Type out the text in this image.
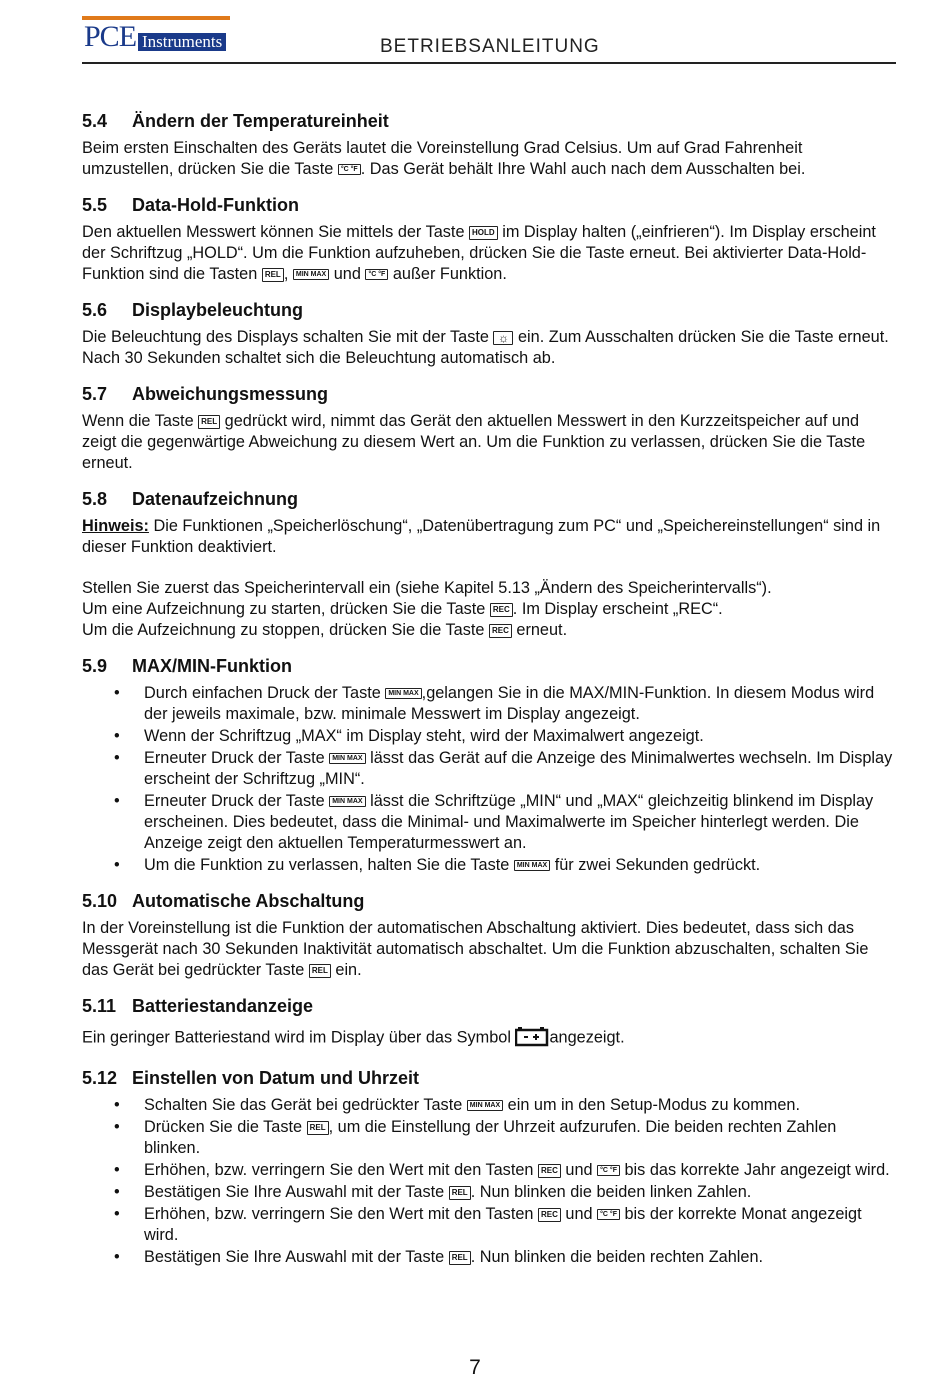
PCE Instruments	BETRIEBSANLEITUNG
5.4 Ändern der Temperatureinheit

Beim ersten Einschalten des Geräts lautet die Voreinstellung Grad Celsius. Um auf Grad Fahrenheit umzustellen, drücken Sie die Taste °C °F . Das Gerät behält Ihre Wahl auch nach dem Ausschalten bei.

5.5 Data-Hold-Funktion

Den aktuellen Messwert können Sie mittels der Taste HOLD im Display halten („einfrieren“). Im Display erscheint der Schriftzug „HOLD“. Um die Funktion aufzuheben, drücken Sie die Taste erneut. Bei aktivierter Data-Hold-Funktion sind die Tasten REL , MIN MAX und °C °F außer Funktion.

5.6 Displaybeleuchtung

Die Beleuchtung des Displays schalten Sie mit der Taste ☼ ein. Zum Ausschalten drücken Sie die Taste erneut. Nach 30 Sekunden schaltet sich die Beleuchtung automatisch ab.

5.7 Abweichungsmessung

Wenn die Taste REL gedrückt wird, nimmt das Gerät den aktuellen Messwert in den Kurzzeitspeicher auf und zeigt die gegenwärtige Abweichung zu diesem Wert an. Um die Funktion zu verlassen, drücken Sie die Taste erneut.

5.8 Datenaufzeichnung

Hinweis: Die Funktionen „Speicherlöschung“, „Datenübertragung zum PC“ und „Speichereinstellungen“ sind in dieser Funktion deaktiviert.

Stellen Sie zuerst das Speicherintervall ein (siehe Kapitel 5.13 „Ändern des Speicherintervalls“).
Um eine Aufzeichnung zu starten, drücken Sie die Taste REC . Im Display erscheint „REC“.
Um die Aufzeichnung zu stoppen, drücken Sie die Taste REC erneut.

5.9 MAX/MIN-Funktion
• Durch einfachen Druck der Taste MIN MAX ,gelangen Sie in die MAX/MIN-Funktion. In diesem Modus wird der jeweils maximale, bzw. minimale Messwert im Display angezeigt.
• Wenn der Schriftzug „MAX“ im Display steht, wird der Maximalwert angezeigt.
• Erneuter Druck der Taste MIN MAX lässt das Gerät auf die Anzeige des Minimalwertes wechseln. Im Display erscheint der Schriftzug „MIN“.
• Erneuter Druck der Taste MIN MAX lässt die Schriftzüge „MIN“ und „MAX“ gleichzeitig blinkend im Display erscheinen. Dies bedeutet, dass die Minimal- und Maximalwerte im Speicher hinterlegt werden. Die Anzeige zeigt den aktuellen Temperaturmesswert an.
• Um die Funktion zu verlassen, halten Sie die Taste MIN MAX für zwei Sekunden gedrückt.
5.10 Automatische Abschaltung

In der Voreinstellung ist die Funktion der automatischen Abschaltung aktiviert. Dies bedeutet, dass sich das Messgerät nach 30 Sekunden Inaktivität automatisch abschaltet. Um die Funktion abzuschalten, schalten Sie das Gerät bei gedrückter Taste REL ein.

5.11 Batteriestandanzeige

Ein geringer Batteriestand wird im Display über das Symbol angezeigt.

5.12 Einstellen von Datum und Uhrzeit
• Schalten Sie das Gerät bei gedrückter Taste MIN MAX ein um in den Setup-Modus zu kommen.
• Drücken Sie die Taste REL , um die Einstellung der Uhrzeit aufzurufen. Die beiden rechten Zahlen blinken.
• Erhöhen, bzw. verringern Sie den Wert mit den Tasten REC und °C °F bis das korrekte Jahr angezeigt wird.
• Bestätigen Sie Ihre Auswahl mit der Taste REL . Nun blinken die beiden linken Zahlen.
• Erhöhen, bzw. verringern Sie den Wert mit den Tasten REC und °C °F bis der korrekte Monat angezeigt wird.
• Bestätigen Sie Ihre Auswahl mit der Taste REL . Nun blinken die beiden rechten Zahlen.
7
